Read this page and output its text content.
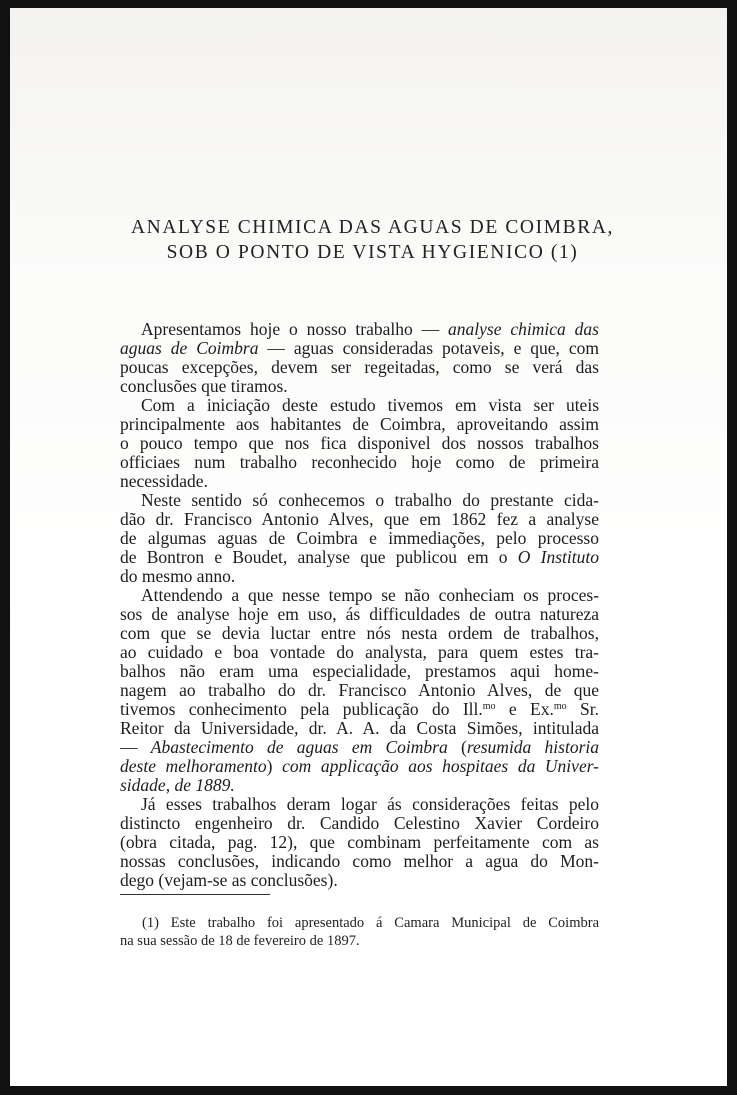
ANALYSE CHIMICA DAS AGUAS DE COIMBRA,
SOB O PONTO DE VISTA HYGIENICO (1)
Apresentamos hoje o nosso trabalho — analyse chimica das
aguas de Coimbra — aguas consideradas potaveis, e que, com
poucas excepções, devem ser regeitadas, como se verá das
conclusões que tiramos.
Com a iniciação deste estudo tivemos em vista ser uteis
principalmente aos habitantes de Coimbra, aproveitando assim
o pouco tempo que nos fica disponivel dos nossos trabalhos
officiaes num trabalho reconhecido hoje como de primeira
necessidade.
Neste sentido só conhecemos o trabalho do prestante cida-
dão dr. Francisco Antonio Alves, que em 1862 fez a analyse
de algumas aguas de Coimbra e immediações, pelo processo
de Bontron e Boudet, analyse que publicou em o O Instituto
do mesmo anno.
Attendendo a que nesse tempo se não conheciam os proces-
sos de analyse hoje em uso, ás difficuldades de outra natureza
com que se devia luctar entre nós nesta ordem de trabalhos,
ao cuidado e boa vontade do analysta, para quem estes tra-
balhos não eram uma especialidade, prestamos aqui home-
nagem ao trabalho do dr. Francisco Antonio Alves, de que
tivemos conhecimento pela publicação do Ill.$^{mo}$ e Ex.$^{mo}$ Sr.
Reitor da Universidade, dr. A. A. da Costa Simões, intitulada
— Abastecimento de aguas em Coimbra (resumida historia
deste melhoramento) com applicação aos hospitaes da Univer-
sidade, de 1889.
Já esses trabalhos deram logar ás considerações feitas pelo
distincto engenheiro dr. Candido Celestino Xavier Cordeiro
(obra citada, pag. 12), que combinam perfeitamente com as
nossas conclusões, indicando como melhor a agua do Mon-
dego (vejam-se as conclusões).
(1) Este trabalho foi apresentado á Camara Municipal de Coimbra
na sua sessão de 18 de fevereiro de 1897.
